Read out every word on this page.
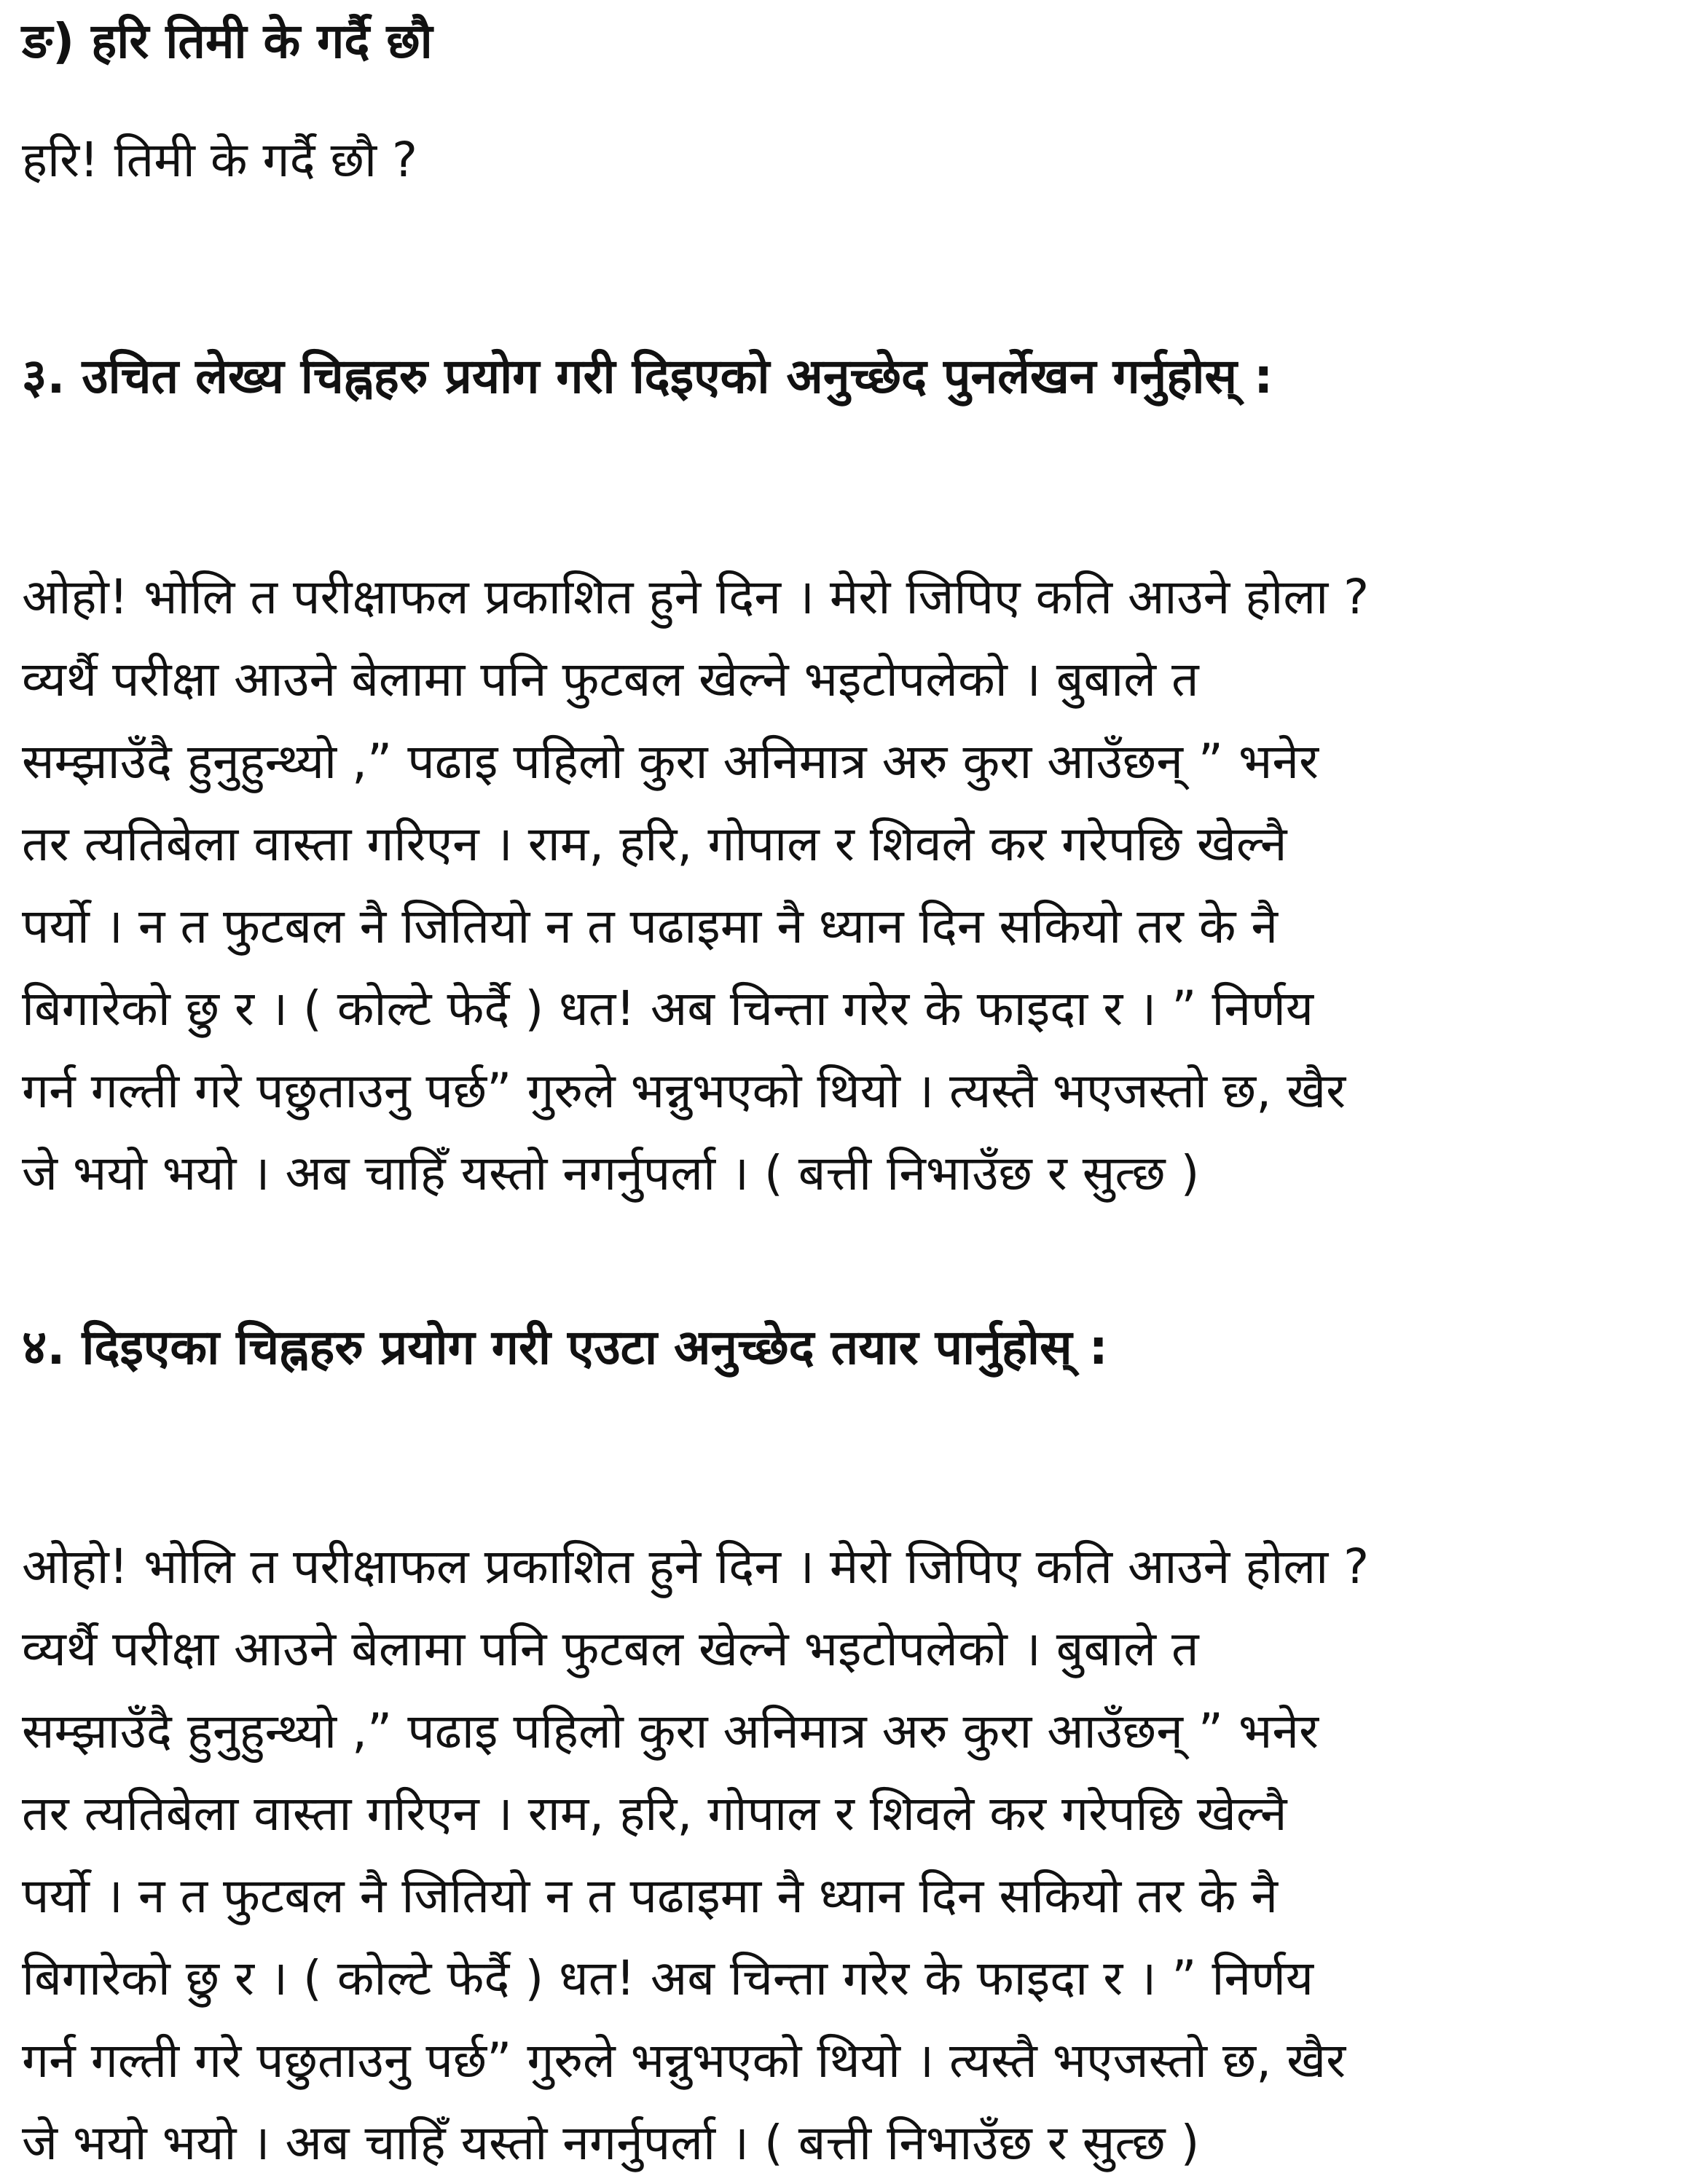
ङ) हरि तिमी के गर्दै छौ

हरि! तिमी के गर्दै छौ ?

३. उचित लेख्य चिह्नहरु प्रयोग गरी दिइएको अनुच्छेद पुनर्लेखन गर्नुहोस् :
ओहो! भोलि त परीक्षाफल प्रकाशित हुने दिन । मेरो जिपिए कति आउने होला ?
व्यर्थै परीक्षा आउने बेलामा पनि फुटबल खेल्ने भइटोपलेको । बुबाले त
सम्झाउँदै हुनुहुन्थ्यो ,” पढाइ पहिलो कुरा अनिमात्र अरु कुरा आउँछन् ” भनेर
तर त्यतिबेला वास्ता गरिएन । राम, हरि, गोपाल र शिवले कर गरेपछि खेल्नै
पर्यो । न त फुटबल नै जितियो न त पढाइमा नै ध्यान दिन सकियो तर के नै
बिगारेको छु र । ( कोल्टे फेर्दै ) धत! अब चिन्ता गरेर के फाइदा र । ” निर्णय
गर्न गल्ती गरे पछुताउनु पर्छ” गुरुले भन्नुभएको थियो । त्यस्तै भएजस्तो छ, खैर
जे भयो भयो । अब चाहिँ यस्तो नगर्नुपर्ला । ( बत्ती निभाउँछ र सुत्छ )
४. दिइएका चिह्नहरु प्रयोग गरी एउटा अनुच्छेद तयार पार्नुहोस् :
ओहो! भोलि त परीक्षाफल प्रकाशित हुने दिन । मेरो जिपिए कति आउने होला ?
व्यर्थै परीक्षा आउने बेलामा पनि फुटबल खेल्ने भइटोपलेको । बुबाले त
सम्झाउँदै हुनुहुन्थ्यो ,” पढाइ पहिलो कुरा अनिमात्र अरु कुरा आउँछन् ” भनेर
तर त्यतिबेला वास्ता गरिएन । राम, हरि, गोपाल र शिवले कर गरेपछि खेल्नै
पर्यो । न त फुटबल नै जितियो न त पढाइमा नै ध्यान दिन सकियो तर के नै
बिगारेको छु र । ( कोल्टे फेर्दै ) धत! अब चिन्ता गरेर के फाइदा र । ” निर्णय
गर्न गल्ती गरे पछुताउनु पर्छ” गुरुले भन्नुभएको थियो । त्यस्तै भएजस्तो छ, खैर
जे भयो भयो । अब चाहिँ यस्तो नगर्नुपर्ला । ( बत्ती निभाउँछ र सुत्छ )
